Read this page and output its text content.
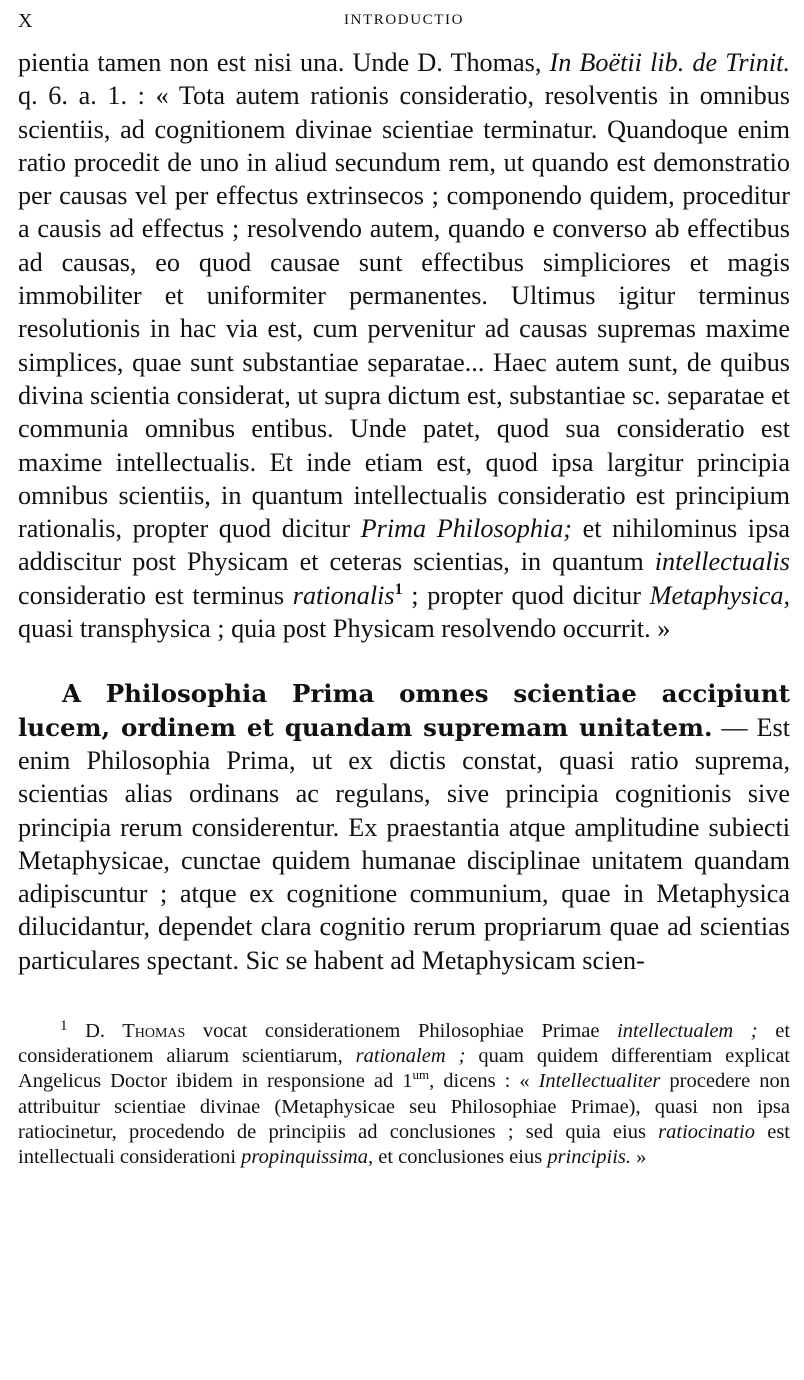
X	INTRODUCTIO

pientia tamen non est nisi una. Unde D. Thomas, In Boëtii lib. de Trinit. q. 6. a. 1. : « Tota autem rationis consideratio, resolventis in omnibus scientiis, ad cognitionem divinae scientiae terminatur. Quandoque enim ratio procedit de uno in aliud secundum rem, ut quando est demonstratio per causas vel per effectus extrinsecos ; componendo quidem, proceditur a causis ad effectus ; resolvendo autem, quando e converso ab effectibus ad causas, eo quod causae sunt effectibus simpliciores et magis immobiliter et uniformiter permanentes. Ultimus igitur terminus resolutionis in hac via est, cum pervenitur ad causas supremas maxime simplices, quae sunt substantiae separatae... Haec autem sunt, de quibus divina scientia considerat, ut supra dictum est, substantiae sc. separatae et communia omnibus entibus. Unde patet, quod sua consideratio est maxime intellectualis. Et inde etiam est, quod ipsa largitur principia omnibus scientiis, in quantum intellectualis consideratio est principium rationalis, propter quod dicitur Prima Philosophia; et nihilominus ipsa addiscitur post Physicam et ceteras scientias, in quantum intellectualis consideratio est terminus rationalis$^1$ ; propter quod dicitur Metaphysica, quasi transphysica ; quia post Physicam resolvendo occurrit. »

A Philosophia Prima omnes scientiae accipiunt lucem, ordinem et quandam supremam unitatem. — Est enim Philosophia Prima, ut ex dictis constat, quasi ratio suprema, scientias alias ordinans ac regulans, sive principia cognitionis sive principia rerum considerentur. Ex praestantia atque amplitudine subiecti Metaphysicae, cunctae quidem humanae disciplinae unitatem quandam adipiscuntur ; atque ex cognitione communium, quae in Metaphysica dilucidantur, dependet clara cognitio rerum propriarum quae ad scientias particulares spectant. Sic se habent ad Metaphysicam scien-

$^1$ D. Thomas vocat considerationem Philosophiae Primae intellectualem ; et considerationem aliarum scientiarum, rationalem ; quam quidem differentiam explicat Angelicus Doctor ibidem in responsione ad $1^{um}$, dicens : « Intellectualiter procedere non attribuitur scientiae divinae (Metaphysicae seu Philosophiae Primae), quasi non ipsa ratiocinetur, procedendo de principiis ad conclusiones ; sed quia eius ratiocinatio est intellectuali considerationi propinquissima, et conclusiones eius principiis. »
